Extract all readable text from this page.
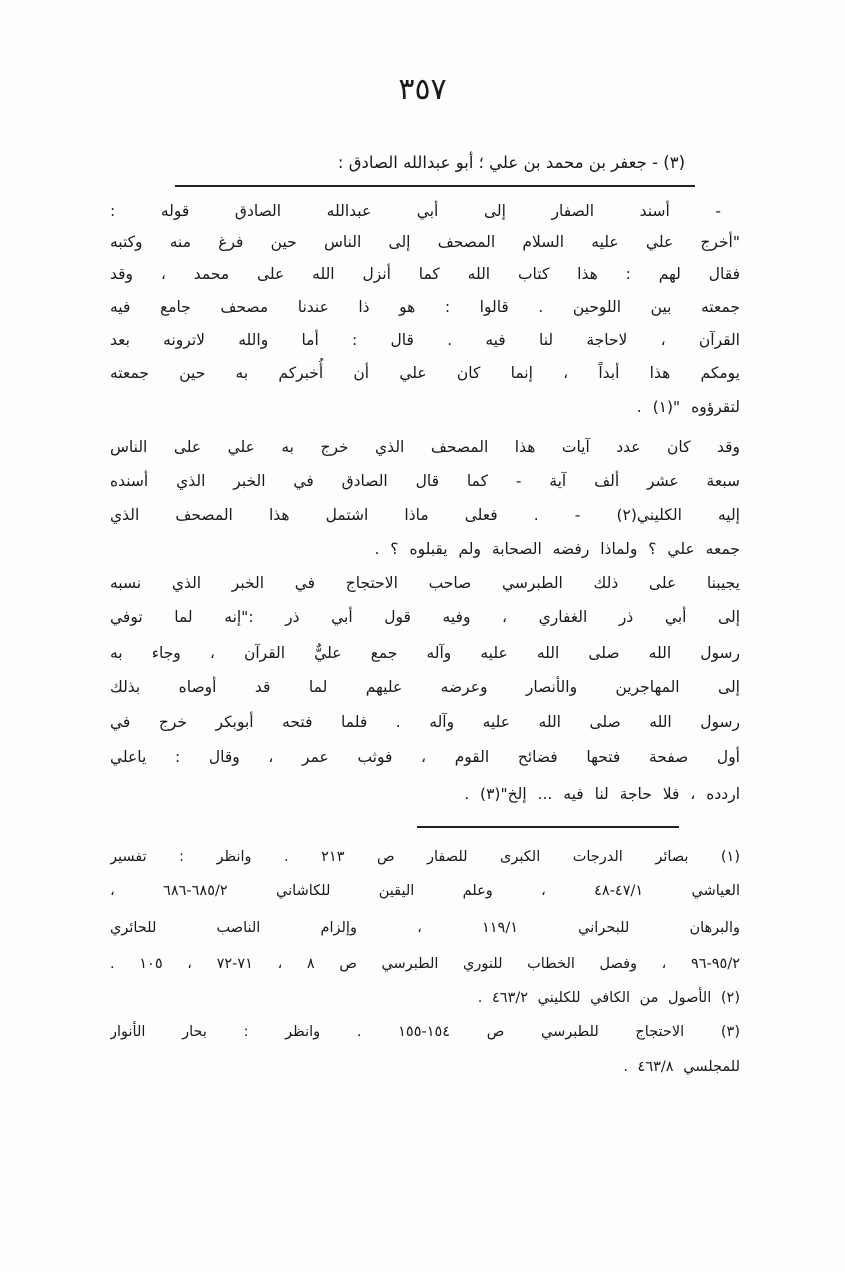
٣٥٧
(٣) - جعفر بن محمد بن علي ؛ أبو عبدالله الصادق :
- أسند الصفار إلى أبي عبدالله الصادق قوله :
"أخرج علي عليه السلام المصحف إلى الناس حين فرغ منه وكتبه
فقال لهم : هذا كتاب الله كما أنزل الله على محمد ، وقد
جمعته بين اللوحين . قالوا : هو ذا عندنا مصحف جامع فيه
القرآن ، لاحاجة لنا فيه . قال : أما والله لاترونه بعد
يومكم هذا أبداً ، إنما كان علي أن أُخبركم به حين جمعته
لتقرؤوه "(١) .
وقد كان عدد آيات هذا المصحف الذي خرج به علي على الناس
سبعة عشر ألف آية - كما قال الصادق في الخبر الذي أسنده
إليه الكليني(٢) - . فعلى ماذا اشتمل هذا المصحف الذي
جمعه علي ؟ ولماذا رفضه الصحابة ولم يقبلوه ؟ .
يجيبنا على ذلك الطبرسي صاحب الاحتجاج في الخبر الذي نسبه
إلى أبي ذر الغفاري ، وفيه قول أبي ذر :"إنه لما توفي
رسول الله صلى الله عليه وآله جمع عليٌّ القرآن ، وجاء به
إلى المهاجرين والأنصار وعرضه عليهم لما قد أوصاه بذلك
رسول الله صلى الله عليه وآله . فلما فتحه أبوبكر خرج في
أول صفحة فتحها فضائح القوم ، فوثب عمر ، وقال : ياعلي
اردده ، فلا حاجة لنا فيه ... إلخ"(٣) .
(١) بصائر الدرجات الكبرى للصفار ص ٢١٣ . وانظر : تفسير
العياشي ٤٧/١-٤٨ ، وعلم اليقين للكاشاني ٦٨٥/٢-٦٨٦ ،
والبرهان للبحراني ١١٩/١ ، وإلزام الناصب للحائري
٩٥/٢-٩٦ ، وفصل الخطاب للنوري الطبرسي ص ٨ ، ٧١-٧٢ ، ١٠٥ .
(٢) الأصول من الكافي للكليني ٤٦٣/٢ .
(٣) الاحتجاج للطبرسي ص ١٥٤-١٥٥ . وانظر : بحار الأنوار
للمجلسي ٤٦٣/٨ .
